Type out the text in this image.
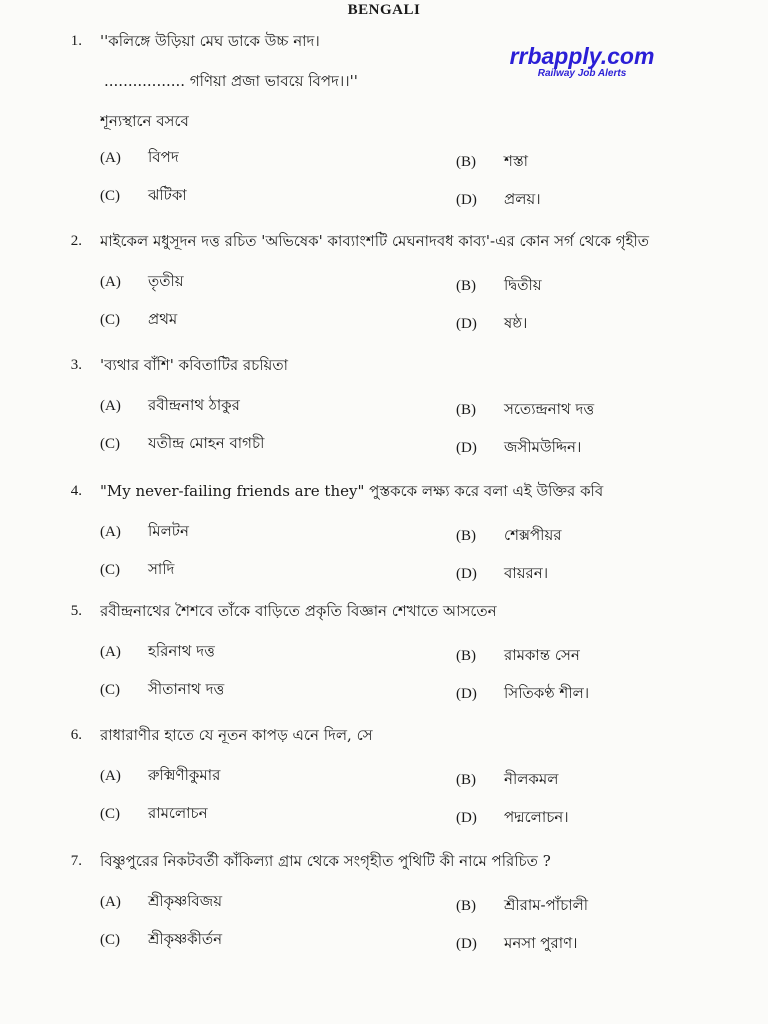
BENGALI
rrbapply.com
Railway Job Alerts
1. ''কলিঙ্গে উড়িয়া মেঘ ডাকে উচ্চ নাদ।
................. গণিয়া প্রজা ভাবয়ে বিপদ।।''
শূন্যস্থানে বসবে
(A) বিপদ	(B) শস্তা
(C) ঝটিকা	(D) প্রলয়।
2. মাইকেল মধুসূদন দত্ত রচিত 'অভিষেক' কাব্যাংশটি মেঘনাদবধ কাব্য'-এর কোন সর্গ থেকে গৃহীত
(A) তৃতীয়	(B) দ্বিতীয়
(C) প্রথম	(D) ষষ্ঠ।
3. 'ব্যথার বাঁশি' কবিতাটির রচয়িতা
(A) রবীন্দ্রনাথ ঠাকুর	(B) সত্যেন্দ্রনাথ দত্ত
(C) যতীন্দ্র মোহন বাগচী	(D) জসীমউদ্দিন।
4. "My never-failing friends are they" পুস্তককে লক্ষ্য করে বলা এই উক্তির কবি
(A) মিলটন	(B) শেক্সপীয়র
(C) সাদি	(D) বায়রন।
5. রবীন্দ্রনাথের শৈশবে তাঁকে বাড়িতে প্রকৃতি বিজ্ঞান শেখাতে আসতেন
(A) হরিনাথ দত্ত	(B) রামকান্ত সেন
(C) সীতানাথ দত্ত	(D) সিতিকণ্ঠ শীল।
6. রাধারাণীর হাতে যে নূতন কাপড় এনে দিল, সে
(A) রুক্মিণীকুমার	(B) নীলকমল
(C) রামলোচন	(D) পদ্মলোচন।
7. বিষ্ণুপুরের নিকটবর্তী কাঁকিল্যা গ্রাম থেকে সংগৃহীত পুথিটি কী নামে পরিচিত ?
(A) শ্রীকৃষ্ণবিজয়	(B) শ্রীরাম-পাঁচালী
(C) শ্রীকৃষ্ণকীর্তন	(D) মনসা পুরাণ।
